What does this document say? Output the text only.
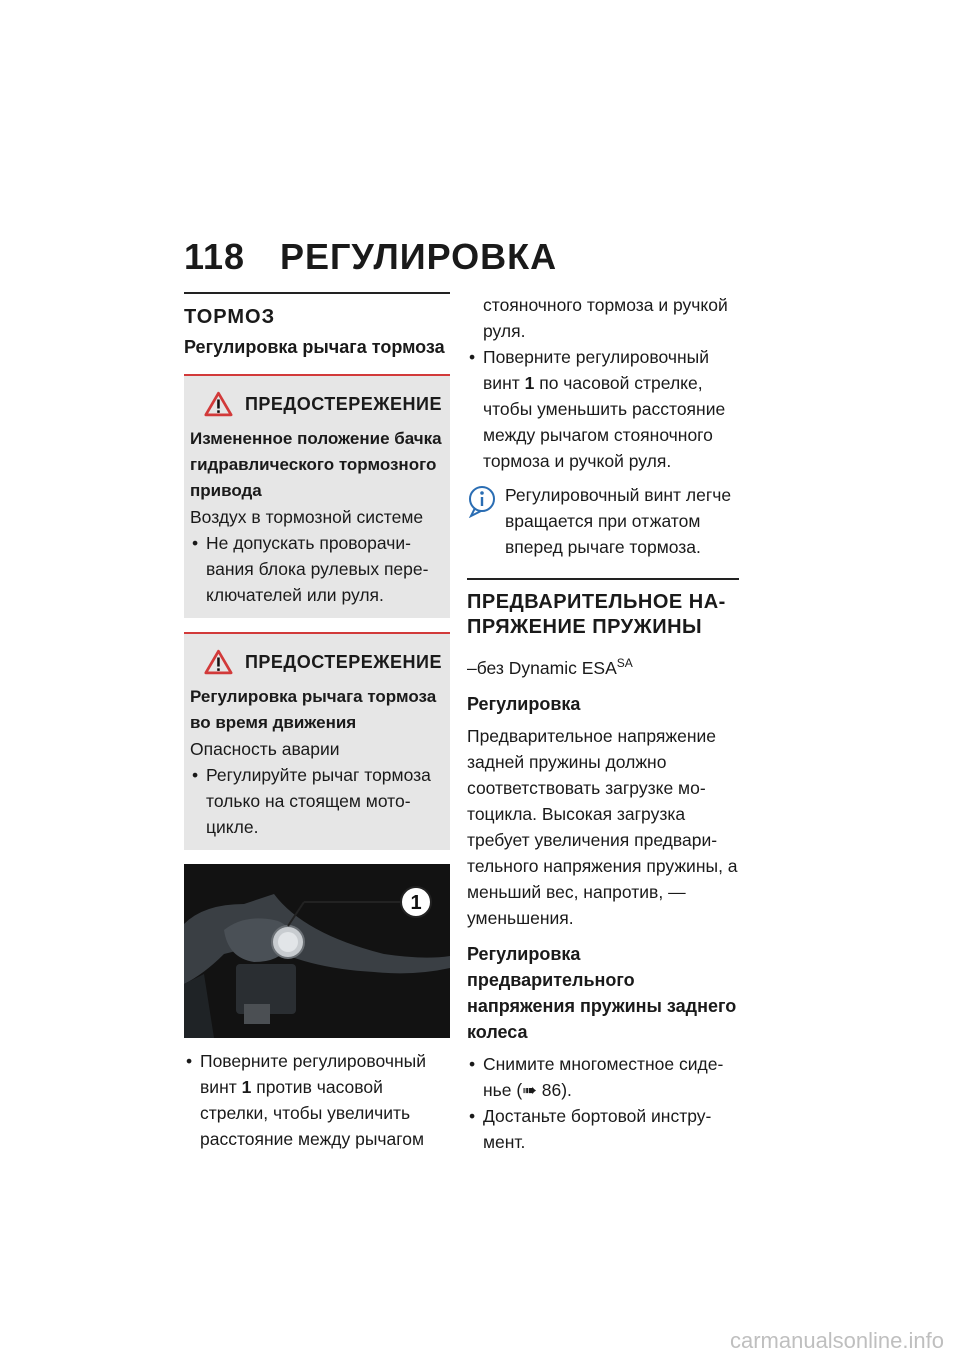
118 РЕГУЛИРОВКА
ТОРМОЗ
Регулировка рычага тормоза
ПРЕДОСТЕРЕЖЕНИЕ
Измененное положение бачка гидравлического тормозного привода

Воздух в тормозной системе

• Не допускать проворачивания блока рулевых переключателей или руля.
ПРЕДОСТЕРЕЖЕНИЕ
Регулировка рычага тормоза во время движения

Опасность аварии

• Регулируйте рычаг тормоза только на стоящем мотоцикле.
1
• Поверните регулировочный винт 1 против часовой стрелки, чтобы увеличить расстояние между рычагом

стояночного тормоза и ручкой руля.

• Поверните регулировочный винт 1 по часовой стрелке, чтобы уменьшить расстояние между рычагом стояночного тормоза и ручкой руля.

Регулировочный винт легче вращается при отжатом вперед рычаге тормоза.

ПРЕДВАРИТЕЛЬНОЕ НАПРЯЖЕНИЕ ПРУЖИНЫ

–без Dynamic $ESA^{SA}$

Регулировка

Предварительное напряжение задней пружины должно соответствовать загрузке мотоцикла. Высокая загрузка требует увеличения предварительного напряжения пружины, а меньший вес, напротив, — уменьшения.

Регулировка предварительного напряжения пружины заднего колеса
• Снимите многоместное сиденье (➠ 86).
• Достаньте бортовой инструмент.
carmanualsonline.info
